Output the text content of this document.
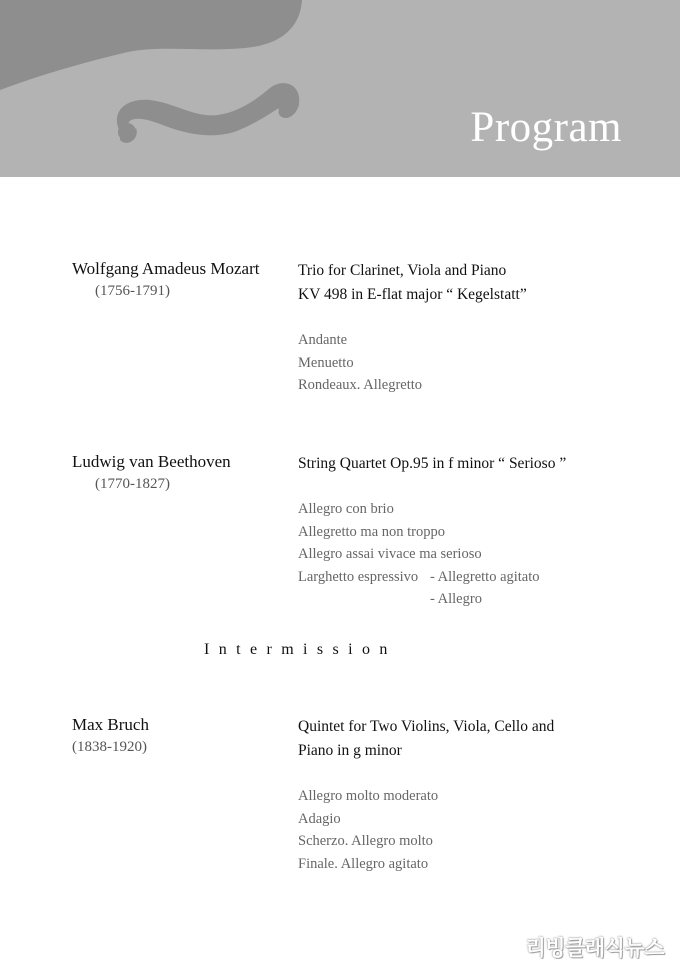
Program
Wolfgang Amadeus Mozart
(1756-1791)
Trio for Clarinet, Viola and Piano
KV 498 in E-flat major “ Kegelstatt”
Andante
Menuetto
Rondeaux. Allegretto
Ludwig van Beethoven
(1770-1827)
String Quartet Op.95 in f minor “ Serioso ”
Allegro con brio
Allegretto ma non troppo
Allegro assai vivace ma serioso
Larghetto espressivo - Allegretto agitato
- Allegro
Intermission
Max Bruch
(1838-1920)
Quintet for Two Violins, Viola, Cello and
Piano in g minor
Allegro molto moderato
Adagio
Scherzo. Allegro molto
Finale. Allegro agitato
리빙클래식뉴스
